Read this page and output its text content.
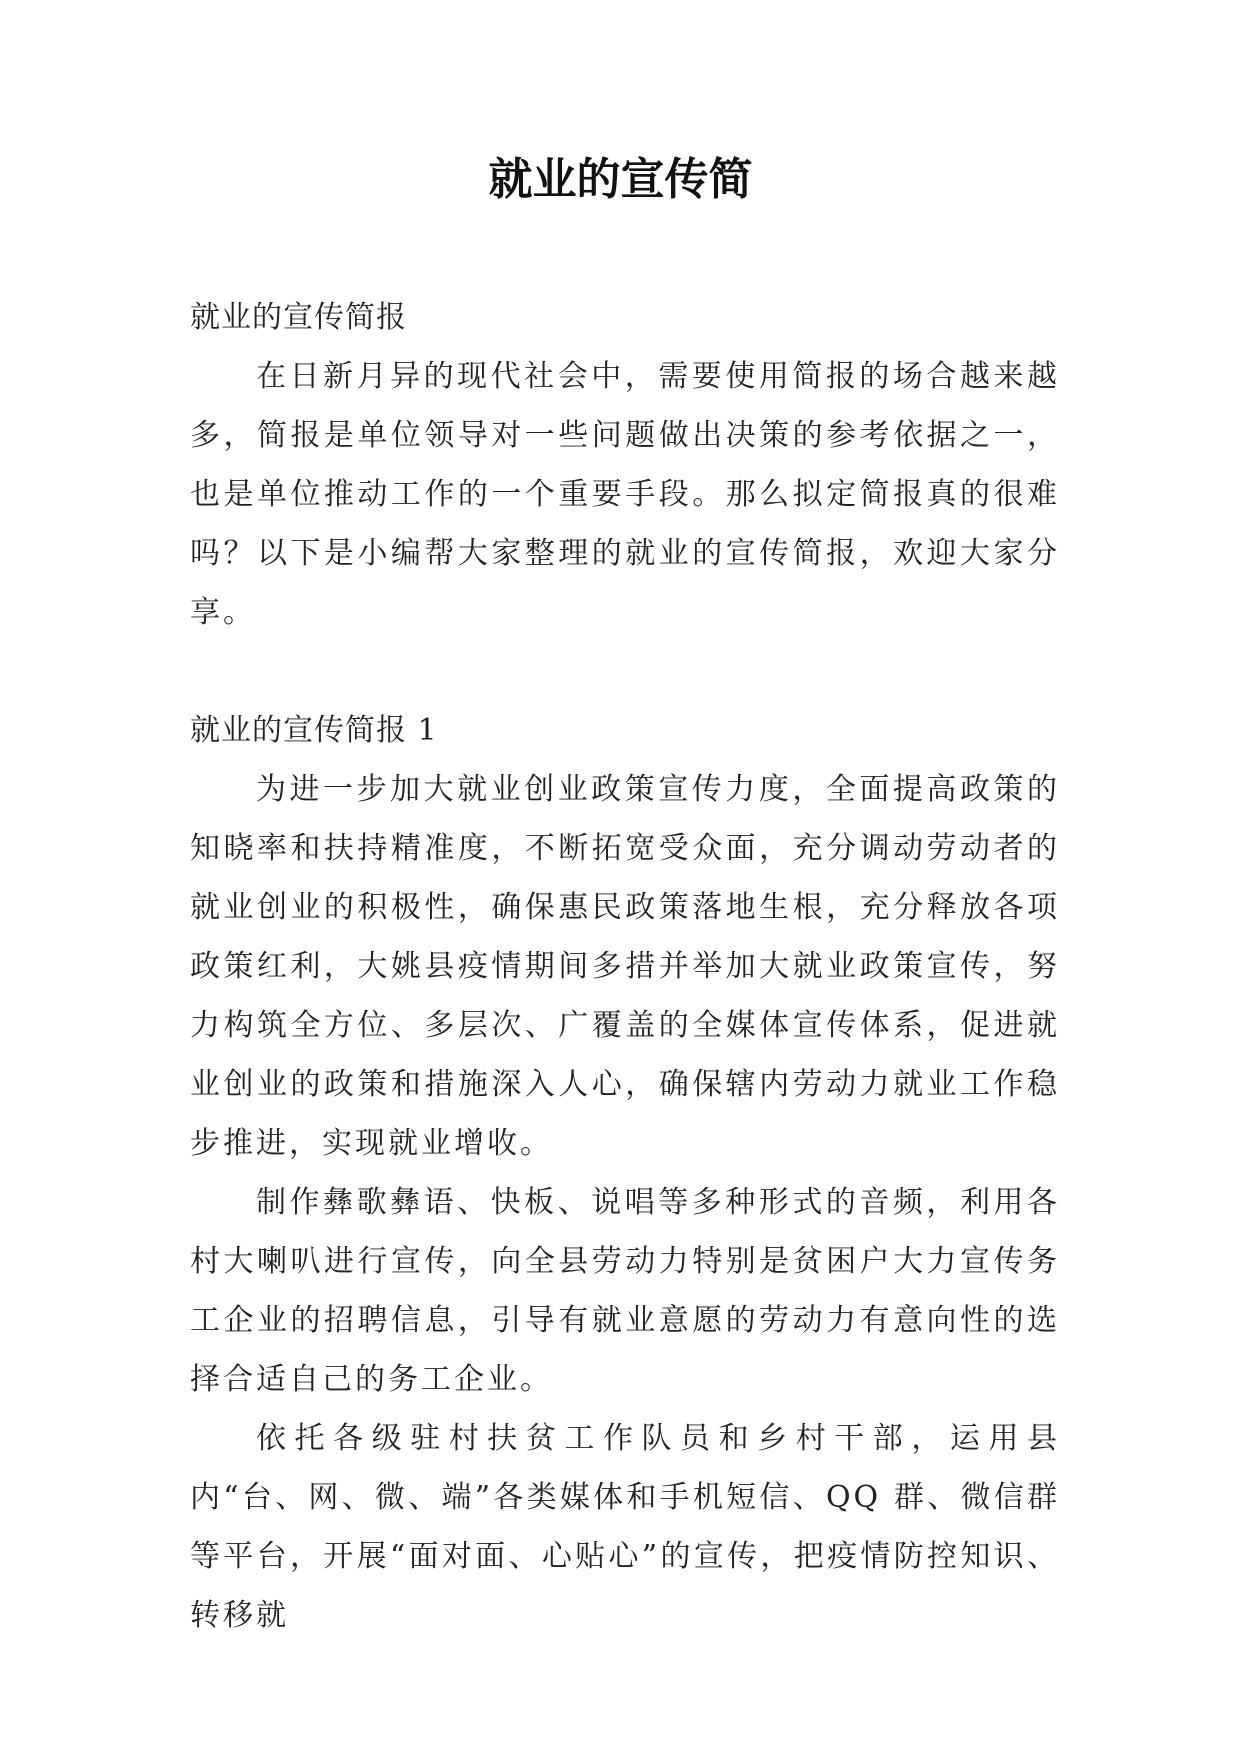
就业的宣传简

就业的宣传简报

在日新月异的现代社会中，需要使用简报的场合越来越多，简报是单位领导对一些问题做出决策的参考依据之一，也是单位推动工作的一个重要手段。那么拟定简报真的很难吗？以下是小编帮大家整理的就业的宣传简报，欢迎大家分享。

就业的宣传简报 1

为进一步加大就业创业政策宣传力度，全面提高政策的知晓率和扶持精准度，不断拓宽受众面，充分调动劳动者的就业创业的积极性，确保惠民政策落地生根，充分释放各项政策红利，大姚县疫情期间多措并举加大就业政策宣传，努力构筑全方位、多层次、广覆盖的全媒体宣传体系，促进就业创业的政策和措施深入人心，确保辖内劳动力就业工作稳步推进，实现就业增收。

制作彝歌彝语、快板、说唱等多种形式的音频，利用各村大喇叭进行宣传，向全县劳动力特别是贫困户大力宣传务工企业的招聘信息，引导有就业意愿的劳动力有意向性的选择合适自己的务工企业。

依托各级驻村扶贫工作队员和乡村干部，运用县内“台、网、微、端”各类媒体和手机短信、QQ 群、微信群等平台，开展“面对面、心贴心”的宣传，把疫情防控知识、转移就
